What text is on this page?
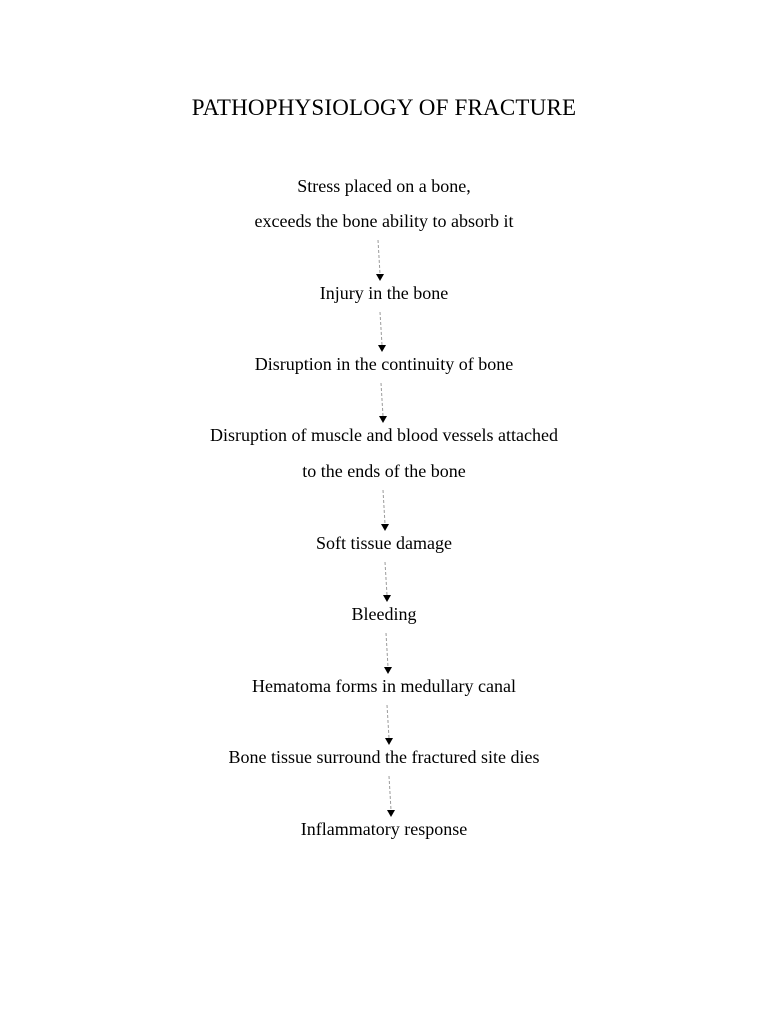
PATHOPHYSIOLOGY OF FRACTURE
Stress placed on a bone,
exceeds the bone ability to absorb it
Injury in the bone
Disruption in the continuity of bone
Disruption of muscle and blood vessels attached
to the ends of the bone
Soft tissue damage
Bleeding
Hematoma forms in medullary canal
Bone tissue surround the fractured site dies
Inflammatory response
